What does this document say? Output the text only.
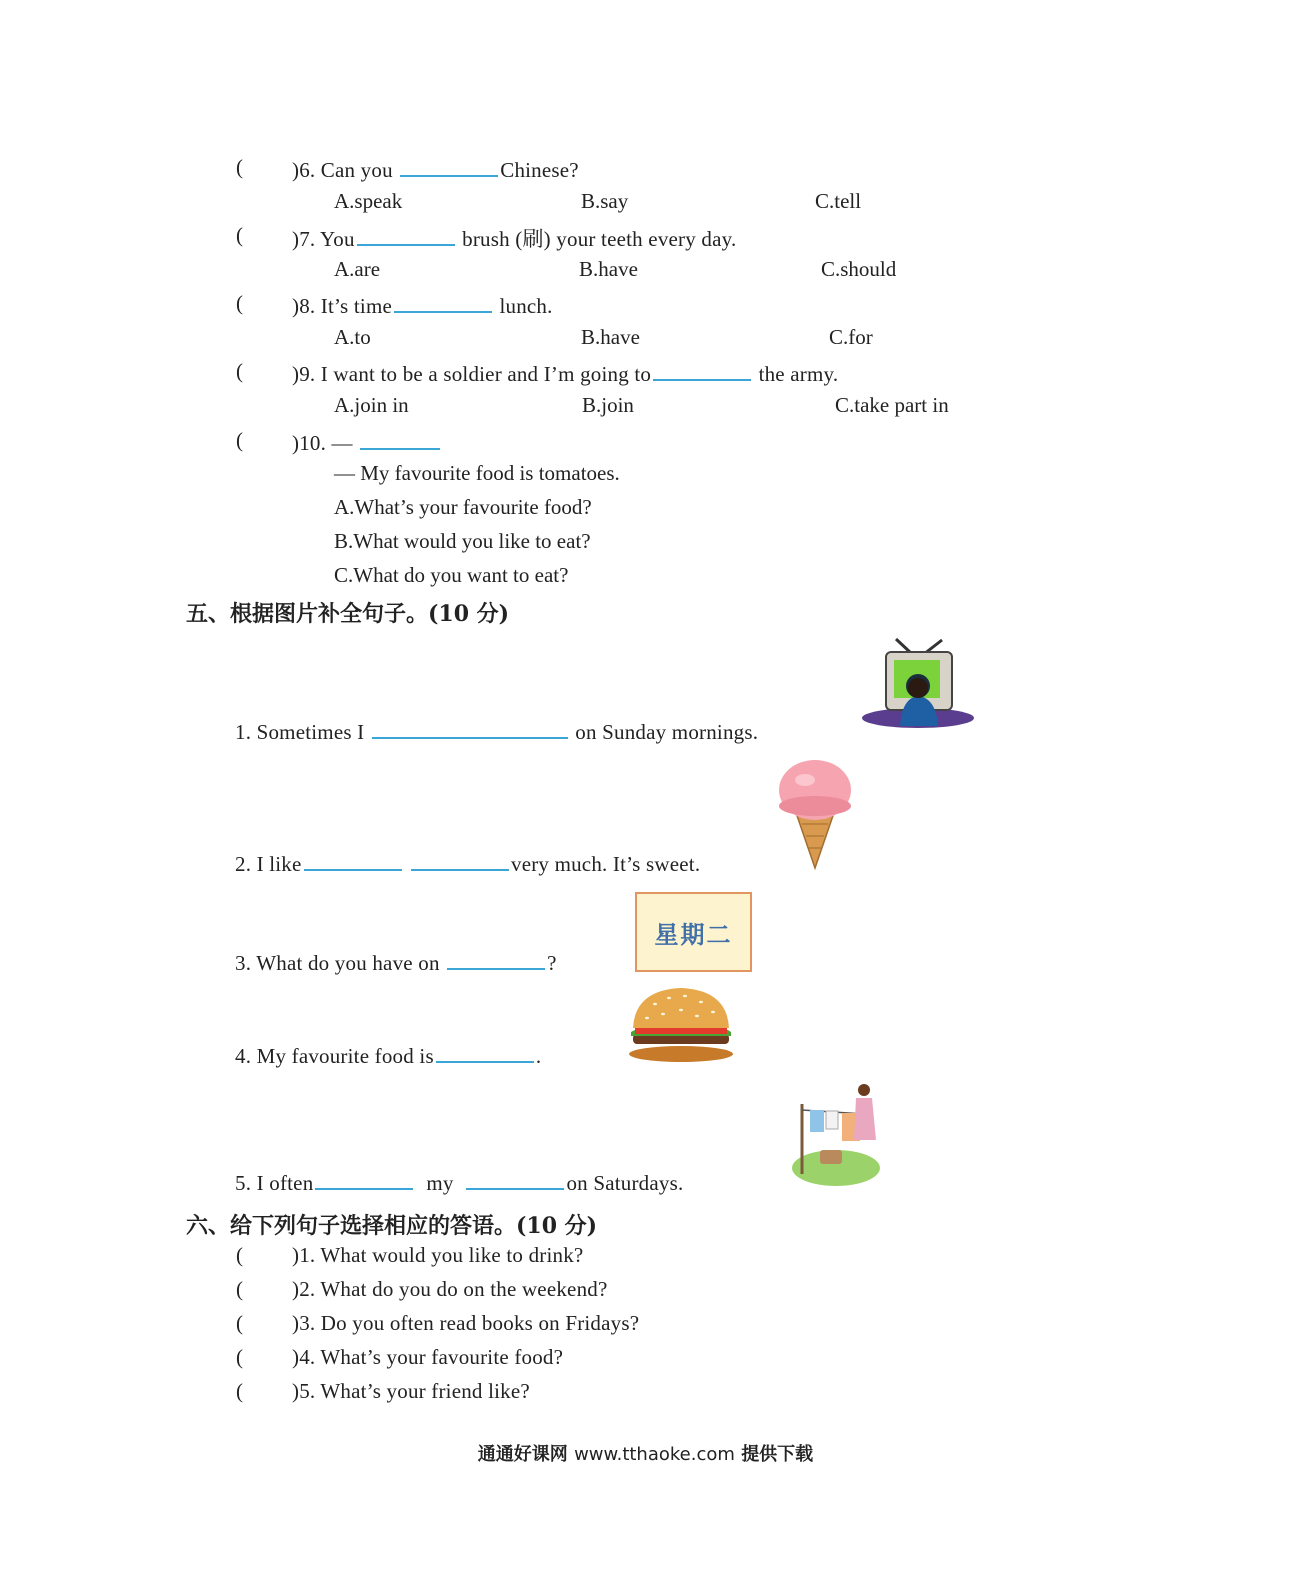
( )6. Can you	Chinese?
A.speak	B.say	C.tell
( )7. You	brush (刷) your teeth every day.
A.are	B.have	C.should
( )8. It’s time	lunch.
A.to	B.have	C.for
( )9. I want to be a soldier and I’m going to	the army.
A.join in	B.join	C.take part in
( )10. —
— My favourite food is tomatoes.
A.What’s your favourite food?
B.What would you like to eat?
C.What do you want to eat?
五、根据图片补全句子。(10 分)
1. Sometimes I	on Sunday mornings.
2. I like	very much. It’s sweet.
星期二
3. What do you have on	?
4. My favourite food is	.
5. I often	my	on Saturdays.
六、给下列句子选择相应的答语。(10 分)
( )1. What would you like to drink?
( )2. What do you do on the weekend?
( )3. Do you often read books on Fridays?
( )4. What’s your favourite food?
( )5. What’s your friend like?
通通好课网 www.tthaoke.com 提供下载
